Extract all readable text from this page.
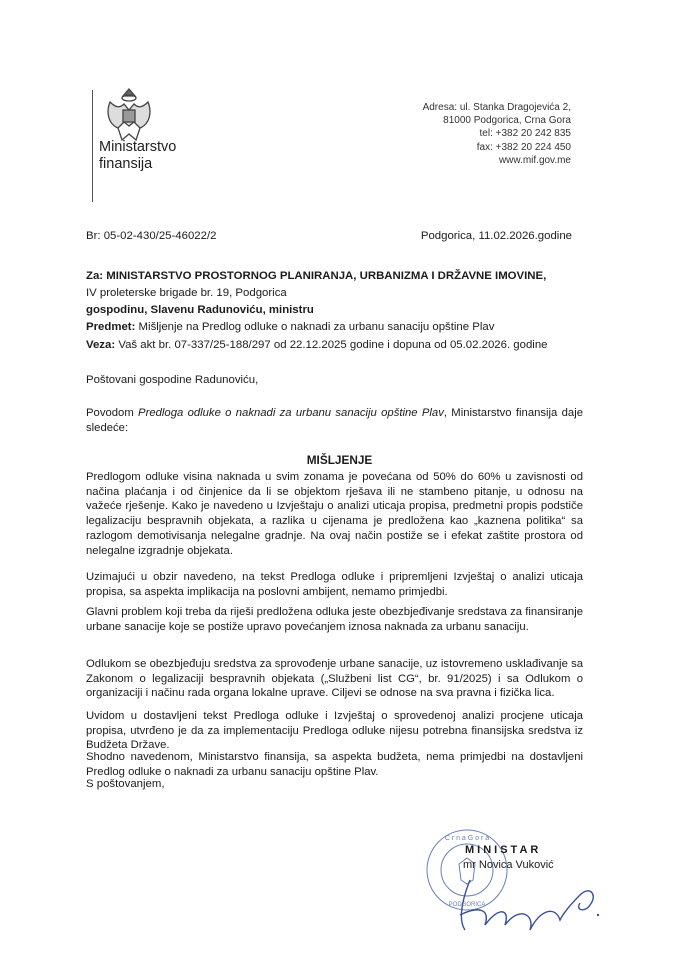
Ministarstvo
finansija
Adresa: ul. Stanka Dragojevića 2,
81000 Podgorica, Crna Gora
tel: +382 20 242 835
fax: +382 20 224 450
www.mif.gov.me
Br: 05-02-430/25-46022/2	Podgorica, 11.02.2026.godine
Za: MINISTARSTVO PROSTORNOG PLANIRANJA, URBANIZMA I DRŽAVNE IMOVINE,
IV proleterske brigade br. 19, Podgorica
gospodinu, Slavenu Radunoviću, ministru
Predmet: Mišljenje na Predlog odluke o naknadi za urbanu sanaciju opštine Plav
Veza: Vaš akt br. 07-337/25-188/297 od 22.12.2025 godine i dopuna od 05.02.2026. godine
Poštovani gospodine Radunoviću,
Povodom Predloga odluke o naknadi za urbanu sanaciju opštine Plav, Ministarstvo finansija daje sledeće:
MIŠLJENJE
Predlogom odluke visina naknada u svim zonama je povećana od 50% do 60% u zavisnosti od načina plaćanja i od činjenice da li se objektom rješava ili ne stambeno pitanje, u odnosu na važeće rješenje. Kako je navedeno u Izvještaju o analizi uticaja propisa, predmetni propis podstiče legalizaciju bespravnih objekata, a razlika u cijenama je predložena kao „kaznena politika“ sa razlogom demotivisanja nelegalne gradnje. Na ovaj način postiže se i efekat zaštite prostora od nelegalne izgradnje objekata.
Uzimajući u obzir navedeno, na tekst Predloga odluke i pripremljeni Izvještaj o analizi uticaja propisa, sa aspekta implikacija na poslovni ambijent, nemamo primjedbi.
Glavni problem koji treba da riješi predložena odluka jeste obezbjeđivanje sredstava za finansiranje urbane sanacije koje se postiže upravo povećanjem iznosa naknada za urbanu sanaciju.
Odlukom se obezbjeđuju sredstva za sprovođenje urbane sanacije, uz istovremeno usklađivanje sa Zakonom o legalizaciji bespravnih objekata („Službeni list CG“, br. 91/2025) i sa Odlukom o organizaciji i načinu rada organa lokalne uprave. Ciljevi se odnose na sva pravna i fizička lica.
Uvidom u dostavljeni tekst Predloga odluke i Izvještaj o sprovedenoj analizi procjene uticaja propisa, utvrđeno je da za implementaciju Predloga odluke nijesu potrebna finansijska sredstva iz Budžeta Države.
Shodno navedenom, Ministarstvo finansija, sa aspekta budžeta, nema primjedbi na dostavljeni Predlog odluke o naknadi za urbanu sanaciju opštine Plav.
S poštovanjem,
C r n a G o r a
PODGORICA
MINISTAR
mr Novica Vuković
